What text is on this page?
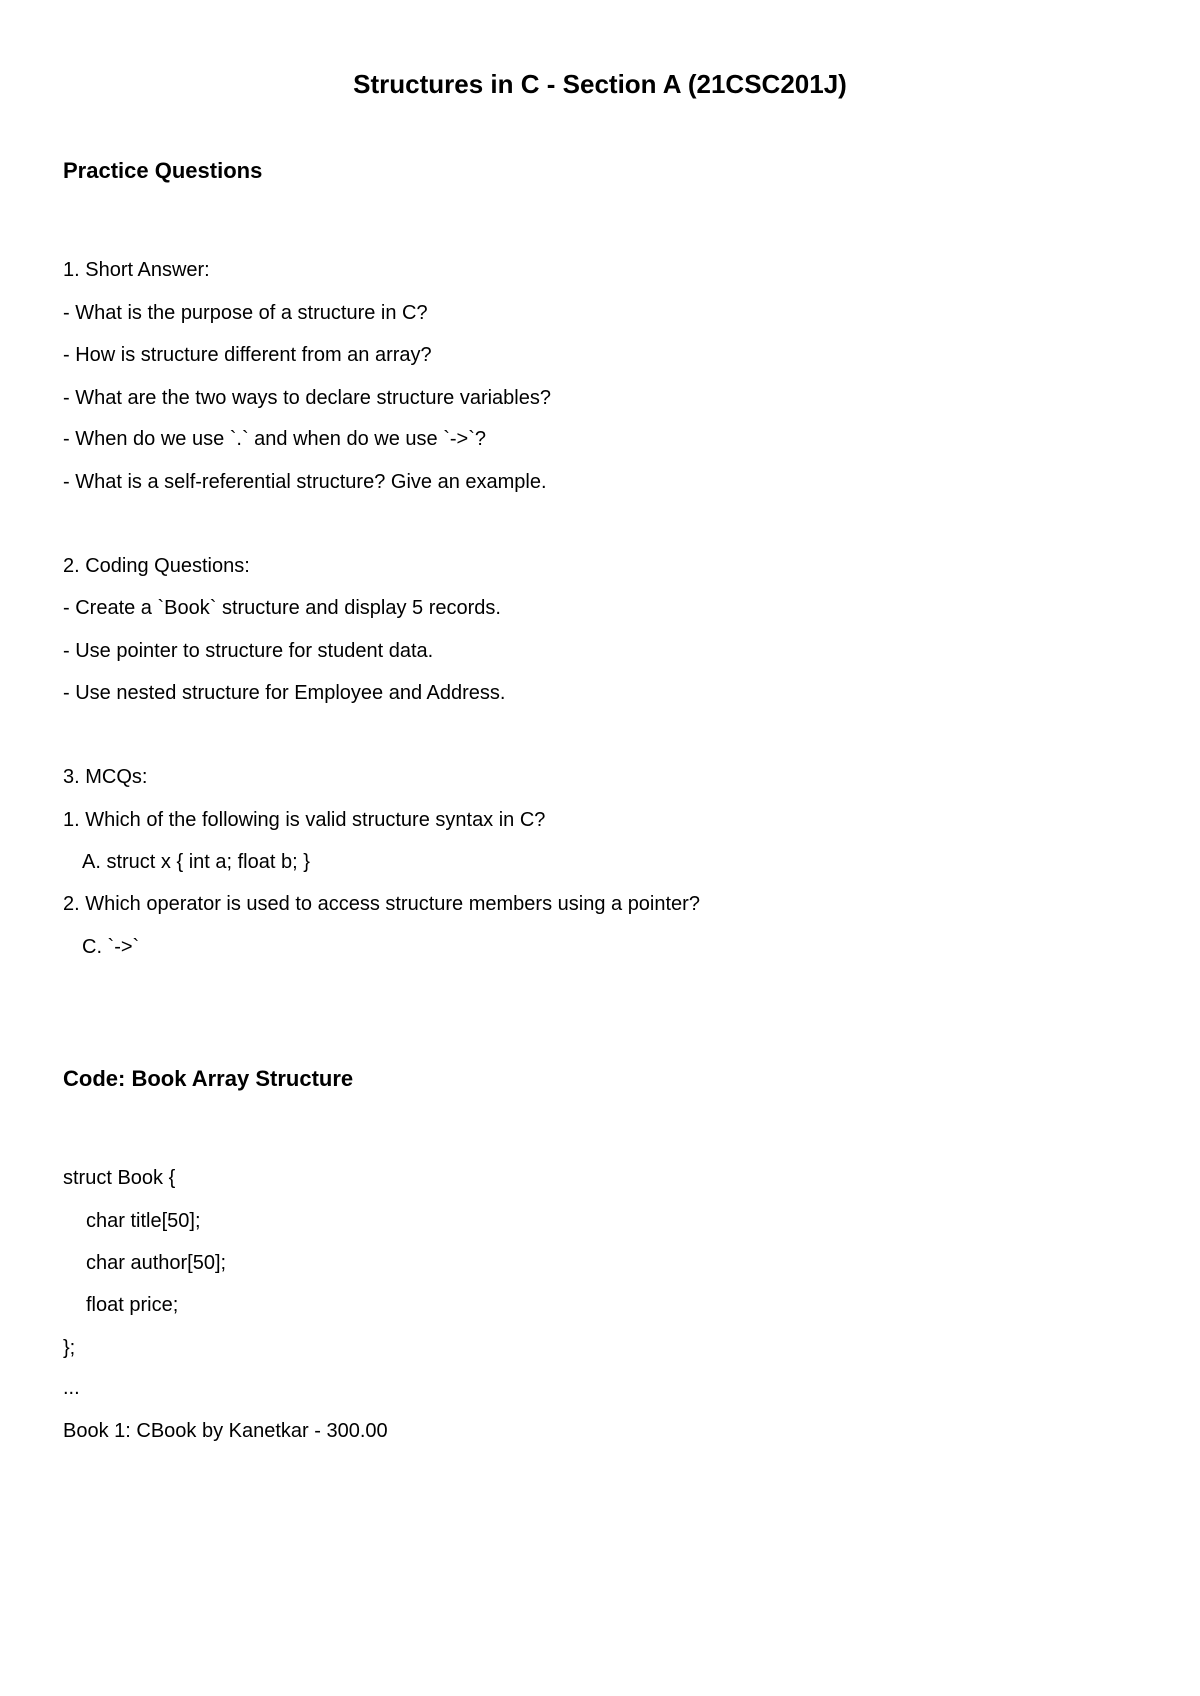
Structures in C - Section A (21CSC201J)
Practice Questions

1. Short Answer:

- What is the purpose of a structure in C?

- How is structure different from an array?

- What are the two ways to declare structure variables?

- When do we use `.` and when do we use `->`?

- What is a self-referential structure? Give an example.

2. Coding Questions:

- Create a `Book` structure and display 5 records.

- Use pointer to structure for student data.

- Use nested structure for Employee and Address.

3. MCQs:

1. Which of the following is valid structure syntax in C?

A. struct x { int a; float b; }

2. Which operator is used to access structure members using a pointer?

C. `->`

Code: Book Array Structure

struct Book {

char title[50];

char author[50];

float price;

};

...

Book 1: CBook by Kanetkar - 300.00
